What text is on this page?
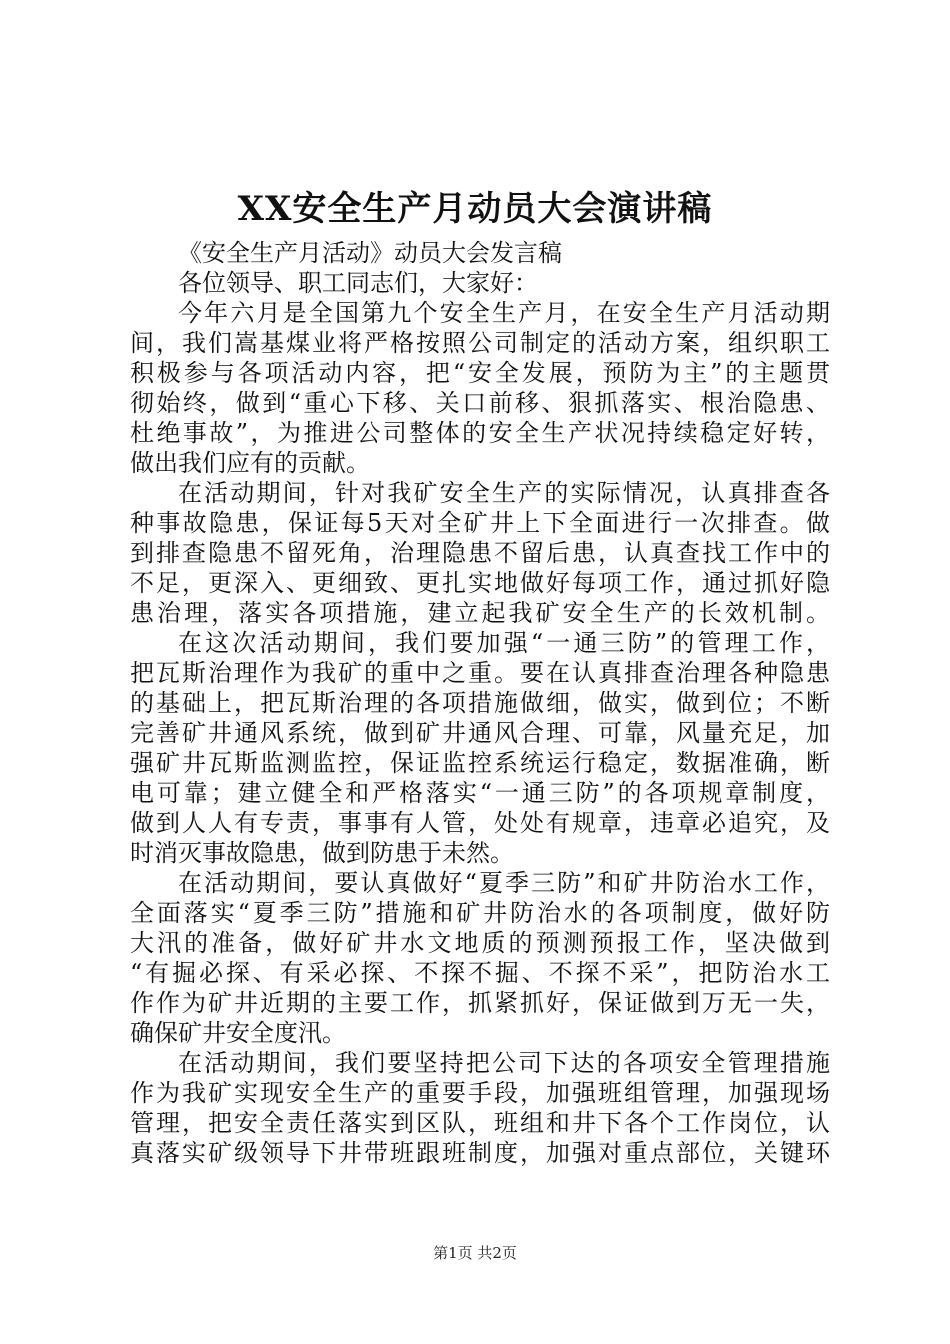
XX安全生产月动员大会演讲稿
《安全生产月活动》动员大会发言稿
各位领导、职工同志们，大家好：
今年六月是全国第九个安全生产月，在安全生产月活动期
间，我们嵩基煤业将严格按照公司制定的活动方案，组织职工
积极参与各项活动内容，把“安全发展，预防为主”的主题贯
彻始终，做到“重心下移、关口前移、狠抓落实、根治隐患、
杜绝事故”，为推进公司整体的安全生产状况持续稳定好转，
做出我们应有的贡献。
在活动期间，针对我矿安全生产的实际情况，认真排查各
种事故隐患，保证每5天对全矿井上下全面进行一次排查。做
到排查隐患不留死角，治理隐患不留后患，认真查找工作中的
不足，更深入、更细致、更扎实地做好每项工作，通过抓好隐
患治理，落实各项措施，建立起我矿安全生产的长效机制。
在这次活动期间，我们要加强“一通三防”的管理工作，
把瓦斯治理作为我矿的重中之重。要在认真排查治理各种隐患
的基础上，把瓦斯治理的各项措施做细，做实，做到位；不断
完善矿井通风系统，做到矿井通风合理、可靠，风量充足，加
强矿井瓦斯监测监控，保证监控系统运行稳定，数据准确，断
电可靠；建立健全和严格落实“一通三防”的各项规章制度，
做到人人有专责，事事有人管，处处有规章，违章必追究，及
时消灭事故隐患，做到防患于未然。
在活动期间，要认真做好“夏季三防”和矿井防治水工作，
全面落实“夏季三防”措施和矿井防治水的各项制度，做好防
大汛的准备，做好矿井水文地质的预测预报工作，坚决做到
“有掘必探、有采必探、不探不掘、不探不采”，把防治水工
作作为矿井近期的主要工作，抓紧抓好，保证做到万无一失，
确保矿井安全度汛。
在活动期间，我们要坚持把公司下达的各项安全管理措施
作为我矿实现安全生产的重要手段，加强班组管理，加强现场
管理，把安全责任落实到区队，班组和井下各个工作岗位，认
真落实矿级领导下井带班跟班制度，加强对重点部位，关键环
第1页 共2页
